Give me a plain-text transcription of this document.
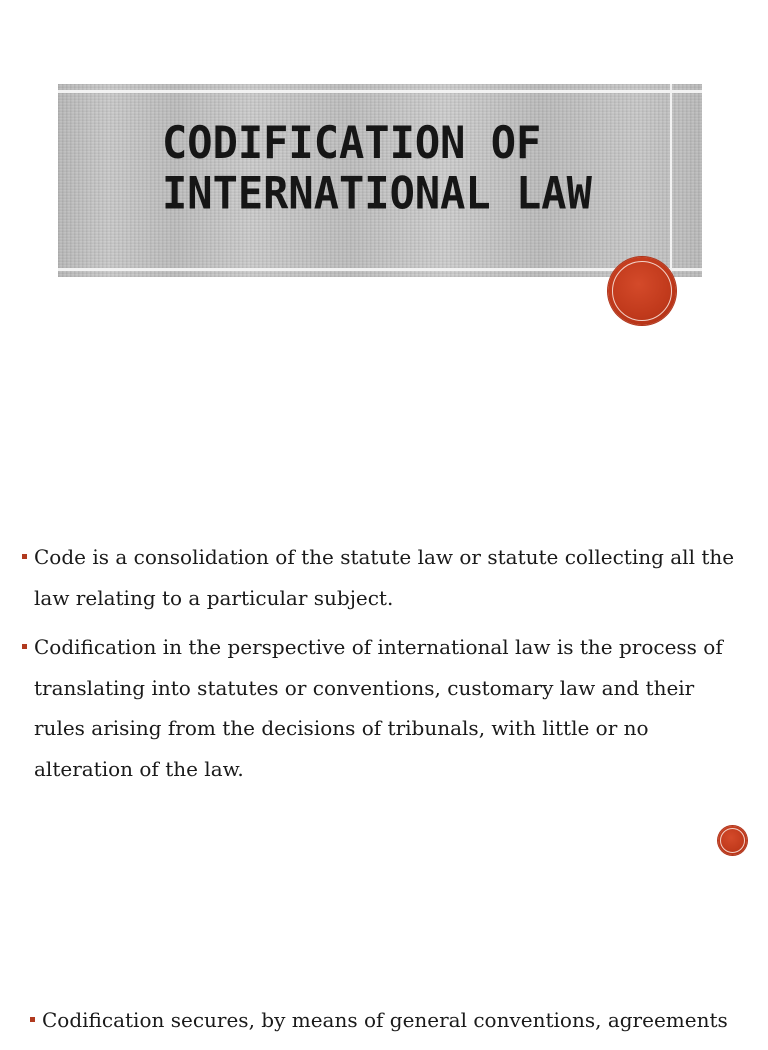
CODIFICATION OF
INTERNATIONAL LAW
Code is a consolidation of the statute law or statute collecting all the law relating to a particular subject.
Codification in the perspective of international law is the process of translating into statutes or conventions, customary law and their rules arising from the decisions of tribunals, with little or no alteration of the law.
Codification secures, by means of general conventions, agreements
